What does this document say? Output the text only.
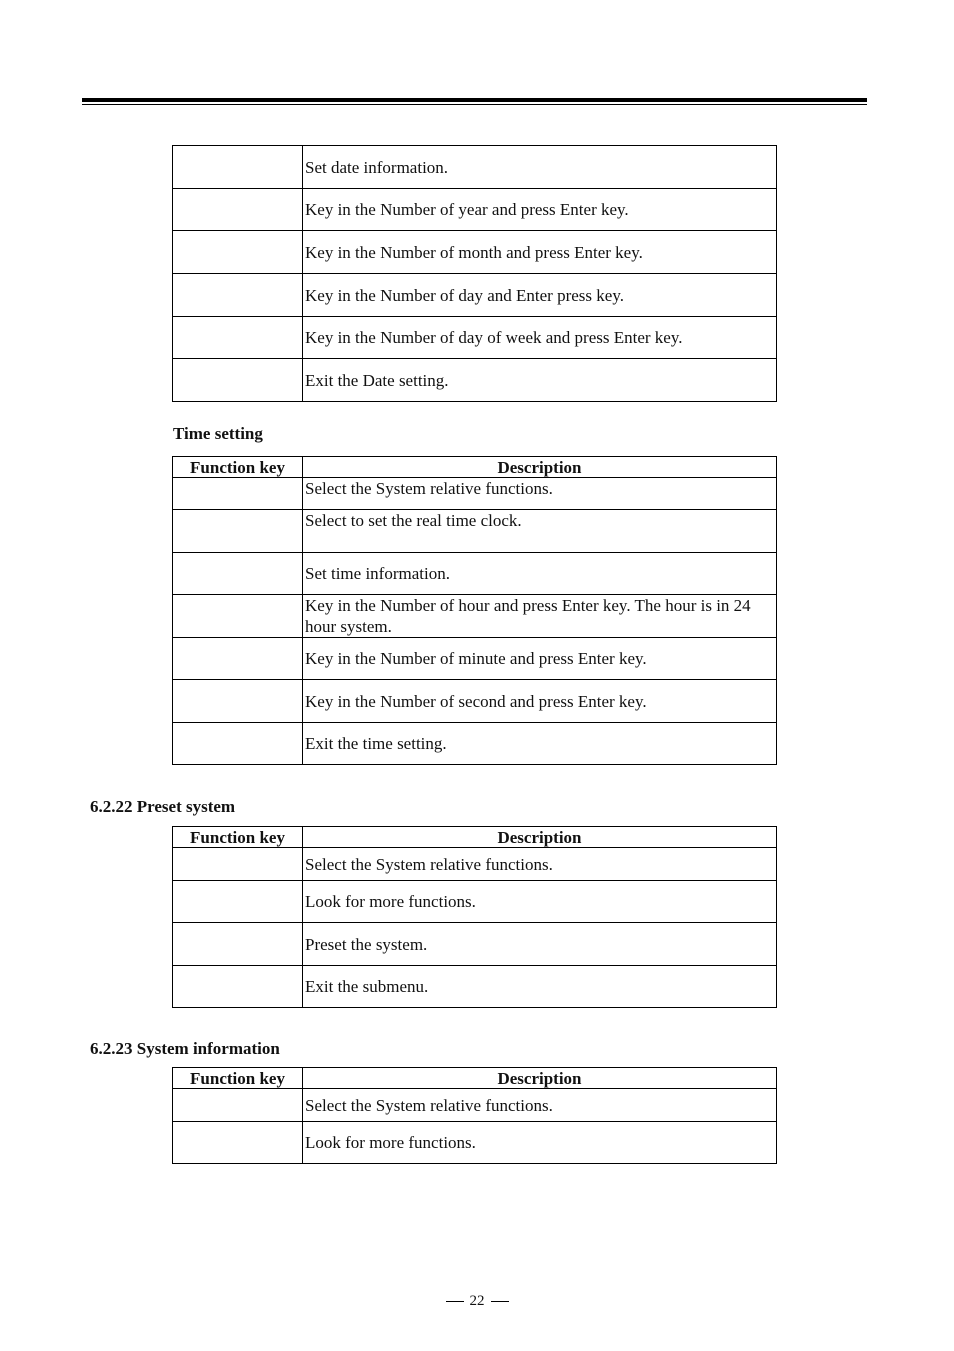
	Set date information.
	Key in the Number of year and press Enter key.
	Key in the Number of month and press Enter key.
	Key in the Number of day and Enter press key.
	Key in the Number of day of week and press Enter key.
	Exit the Date setting.
Time setting
Function key	Description
	Select the System relative functions.
	Select to set the real time clock.
	Set time information.
	Key in the Number of hour and press Enter key. The hour is in 24 hour system.
	Key in the Number of minute and press Enter key.
	Key in the Number of second and press Enter key.
	Exit the time setting.
6.2.22 Preset system
Function key	Description
	Select the System relative functions.
	Look for more functions.
	Preset the system.
	Exit the submenu.
6.2.23 System information
Function key	Description
	Select the System relative functions.
	Look for more functions.
22
